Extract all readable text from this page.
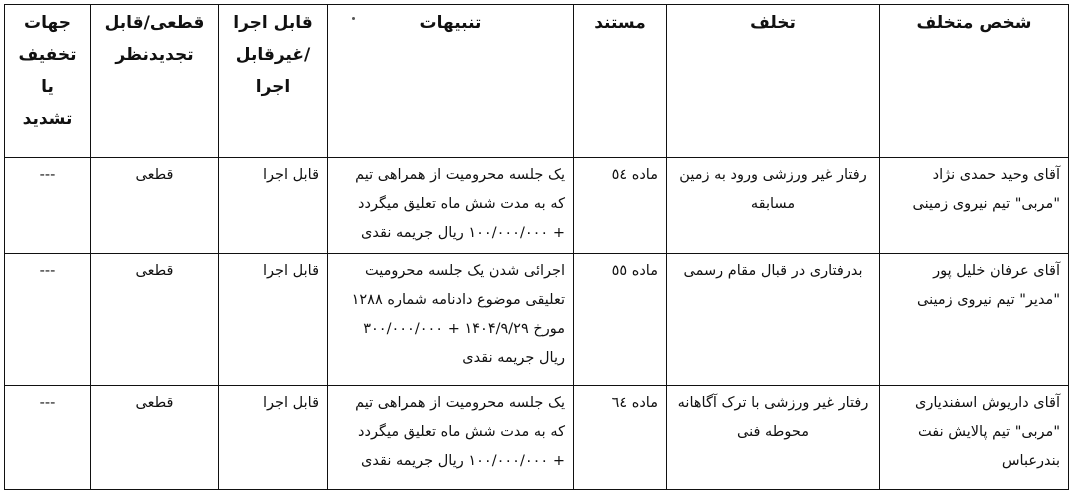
شخص متخلف	تخلف	مستند	تنبیهات	قابل اجرا
/غیرقابل
اجرا	قطعی/قابل
تجدیدنظر	جهات
تخفیف
یا
تشدید

آقای وحید حمدی نژاد
"مربی" تیم نیروی زمینی	رفتار غیر ورزشی ورود به زمین
مسابقه	ماده ٥٤	یک جلسه محرومیت از همراهی تیم
که به مدت شش ماه تعلیق میگردد
+ ۱۰۰/۰۰۰/۰۰۰ ریال جریمه نقدی	قابل اجرا	قطعی	---

آقای عرفان خلیل پور
"مدیر" تیم نیروی زمینی	بدرفتاری در قبال مقام رسمی	ماده ٥٥	اجرائی شدن یک جلسه محرومیت
تعلیقی موضوع دادنامه شماره ۱۲۸۸
مورخ ۱۴۰۴/۹/۲۹ + ۳۰۰/۰۰۰/۰۰۰
ریال جریمه نقدی	قابل اجرا	قطعی	---

آقای داریوش اسفندیاری
"مربی" تیم پالایش نفت
بندرعباس	رفتار غیر ورزشی با ترک آگاهانه
محوطه فنی	ماده ٦٤	یک جلسه محرومیت از همراهی تیم
که به مدت شش ماه تعلیق میگردد
+ ۱۰۰/۰۰۰/۰۰۰ ریال جریمه نقدی	قابل اجرا	قطعی	---
